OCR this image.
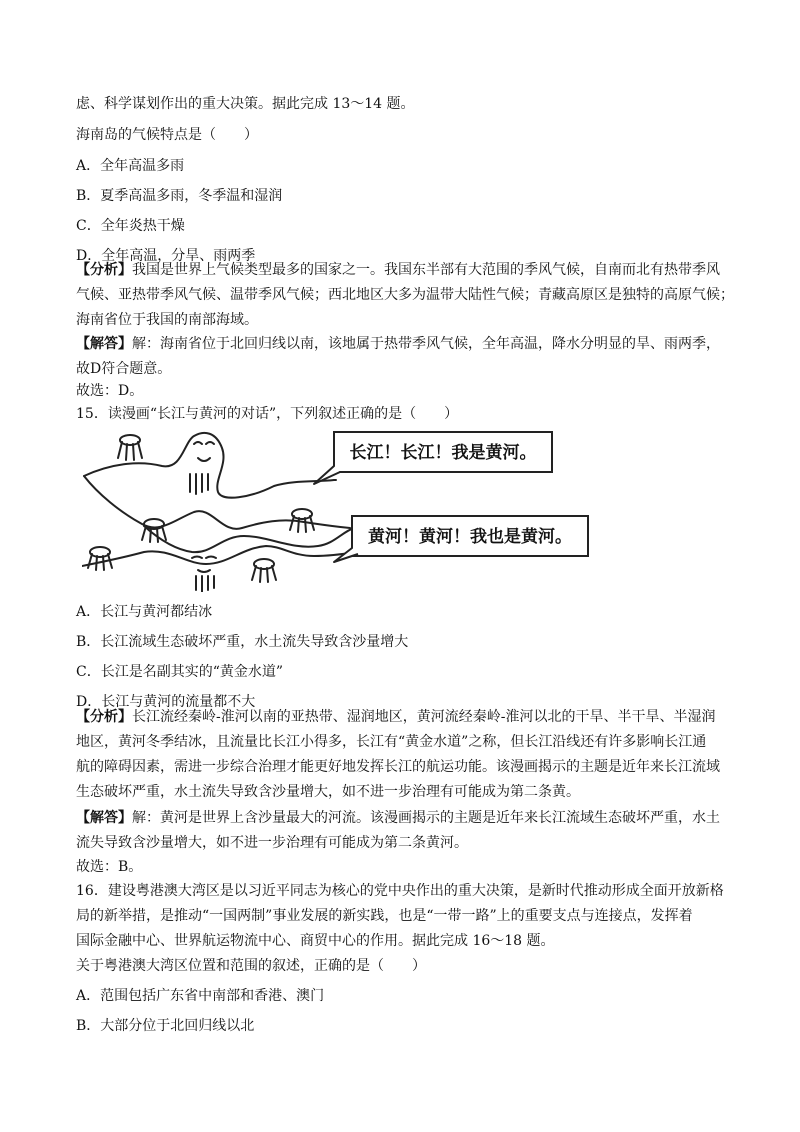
虑、科学谋划作出的重大决策。据此完成 13～14 题。
海南岛的气候特点是（　　）
A．全年高温多雨
B．夏季高温多雨，冬季温和湿润
C．全年炎热干燥
D．全年高温，分旱、雨两季
【分析】我国是世界上气候类型最多的国家之一。我国东半部有大范围的季风气候，自南而北有热带季风
气候、亚热带季风气候、温带季风气候；西北地区大多为温带大陆性气候；青藏高原区是独特的高原气候；
海南省位于我国的南部海域。
【解答】解：海南省位于北回归线以南，该地属于热带季风气候，全年高温，降水分明显的旱、雨两季，
故D符合题意。
故选：D。
15．读漫画“长江与黄河的对话”，下列叙述正确的是（　　）
长江！长江！我是黄河。
黄河！黄河！我也是黄河。
A．长江与黄河都结冰
B．长江流域生态破坏严重，水土流失导致含沙量增大
C．长江是名副其实的“黄金水道”
D．长江与黄河的流量都不大
【分析】长江流经秦岭-淮河以南的亚热带、湿润地区，黄河流经秦岭-淮河以北的干旱、半干旱、半湿润
地区，黄河冬季结冰，且流量比长江小得多，长江有“黄金水道”之称，但长江沿线还有许多影响长江通
航的障碍因素，需进一步综合治理才能更好地发挥长江的航运功能。该漫画揭示的主题是近年来长江流域
生态破坏严重，水土流失导致含沙量增大，如不进一步治理有可能成为第二条黄。
【解答】解：黄河是世界上含沙量最大的河流。该漫画揭示的主题是近年来长江流域生态破坏严重，水土
流失导致含沙量增大，如不进一步治理有可能成为第二条黄河。
故选：B。
16．建设粤港澳大湾区是以习近平同志为核心的党中央作出的重大决策，是新时代推动形成全面开放新格
局的新举措，是推动“一国两制”事业发展的新实践，也是“一带一路”上的重要支点与连接点，发挥着
国际金融中心、世界航运物流中心、商贸中心的作用。据此完成 16～18 题。
关于粤港澳大湾区位置和范围的叙述，正确的是（　　）
A．范围包括广东省中南部和香港、澳门
B．大部分位于北回归线以北
